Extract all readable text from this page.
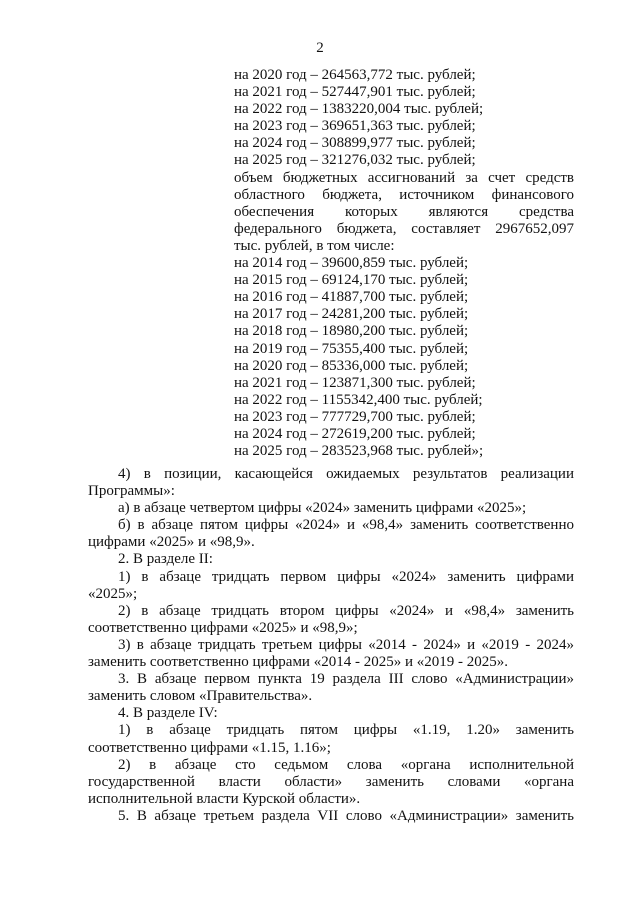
2
на 2020 год – 264563,772 тыс. рублей;
на 2021 год – 527447,901 тыс. рублей;
на 2022 год – 1383220,004 тыс. рублей;
на 2023 год – 369651,363 тыс. рублей;
на 2024 год – 308899,977 тыс. рублей;
на 2025 год – 321276,032 тыс. рублей;
объем бюджетных ассигнований за счет средств
областного бюджета, источником финансового
обеспечения которых являются средства
федерального бюджета, составляет 2967652,097
тыс. рублей, в том числе:
на 2014 год – 39600,859 тыс. рублей;
на 2015 год – 69124,170 тыс. рублей;
на 2016 год – 41887,700 тыс. рублей;
на 2017 год – 24281,200 тыс. рублей;
на 2018 год – 18980,200 тыс. рублей;
на 2019 год – 75355,400 тыс. рублей;
на 2020 год – 85336,000 тыс. рублей;
на 2021 год – 123871,300 тыс. рублей;
на 2022 год – 1155342,400 тыс. рублей;
на 2023 год – 777729,700 тыс. рублей;
на 2024 год – 272619,200 тыс. рублей;
на 2025 год – 283523,968 тыс. рублей»;
4) в позиции, касающейся ожидаемых результатов реализации
Программы»:
а) в абзаце четвертом цифры «2024» заменить цифрами «2025»;
б) в абзаце пятом цифры «2024» и «98,4» заменить соответственно
цифрами «2025» и «98,9».
2. В разделе II:
1) в абзаце тридцать первом цифры «2024» заменить цифрами
«2025»;
2) в абзаце тридцать втором цифры «2024» и «98,4» заменить
соответственно цифрами «2025» и «98,9»;
3) в абзаце тридцать третьем цифры «2014 - 2024» и «2019 - 2024»
заменить соответственно цифрами «2014 - 2025» и «2019 - 2025».
3. В абзаце первом пункта 19 раздела III слово «Администрации»
заменить словом «Правительства».
4. В разделе IV:
1) в абзаце тридцать пятом цифры «1.19, 1.20» заменить
соответственно цифрами «1.15, 1.16»;
2) в абзаце сто седьмом слова «органа исполнительной
государственной власти области» заменить словами «органа
исполнительной власти Курской области».
5. В абзаце третьем раздела VII слово «Администрации» заменить
